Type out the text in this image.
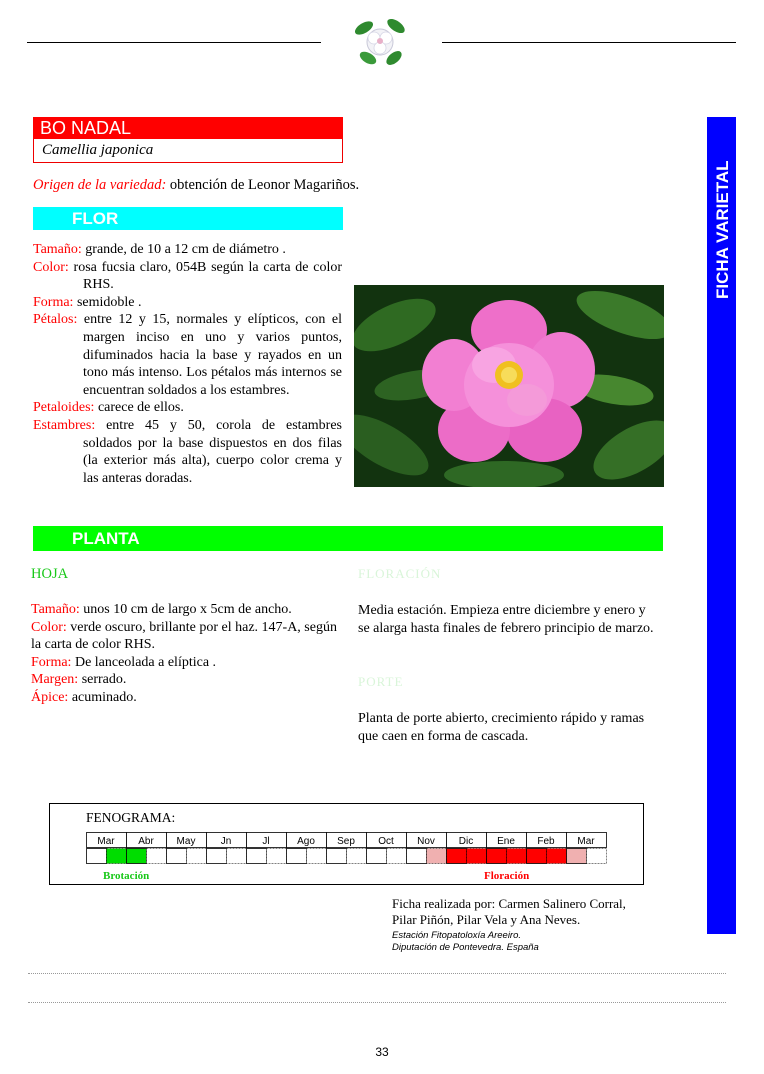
BO NADAL
Camellia japonica
Origen de la variedad: obtención de Leonor Magariños.
FLOR

Tamaño: grande, de 10 a 12 cm de diámetro .

Color: rosa fucsia claro, 054B según la carta de color RHS.

Forma: semidoble .

Pétalos: entre 12 y 15, normales y elípticos, con el margen inciso en uno y varios puntos, difuminados hacia la base y rayados en un tono más intenso. Los pétalos más internos se encuentran soldados a los estambres.

Petaloides: carece de ellos.

Estambres: entre 45 y 50, corola de estambres soldados por la base dispuestos en dos filas (la exterior más alta), cuerpo color crema y las anteras doradas.

PLANTA
HOJA

Tamaño: unos 10 cm de largo x 5cm de ancho.

Color: verde oscuro, brillante por el haz. 147-A, según la carta de color RHS.

Forma: De lanceolada a elíptica .

Margen: serrado.

Ápice: acuminado.

FLORACIÓN
Media estación. Empieza entre diciembre y enero y se alarga hasta finales de febrero principio de marzo.
PORTE
Planta de porte abierto, crecimiento rápido y ramas que caen en forma de cascada.
FICHA VARIETAL
FENOGRAMA:
Mar Abr May	Jn	Jl	Ago Sep Oct Nov Dic Ene Feb Mar
Brotación	Floración
Ficha realizada por: Carmen Salinero Corral,
Pilar Piñón, Pilar Vela y Ana Neves.
Estación Fitopatoloxía Areeiro.
Diputación de Pontevedra. España
33
